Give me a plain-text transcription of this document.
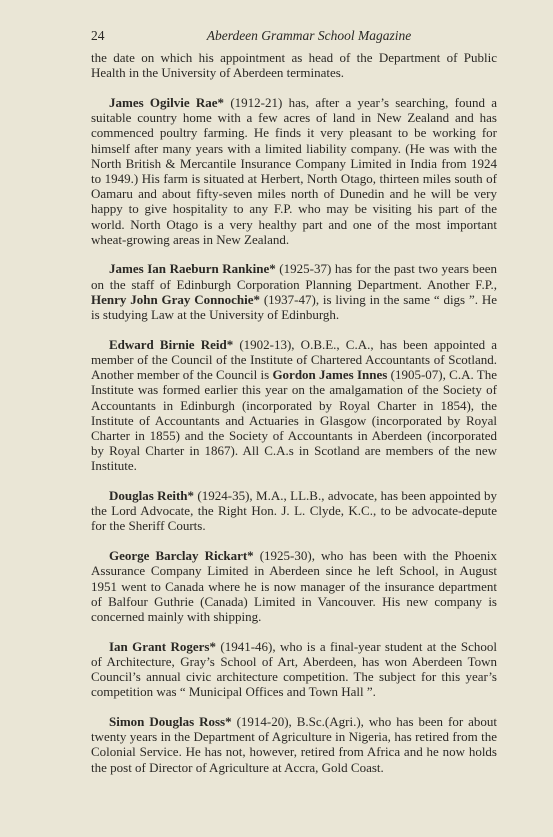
24	Aberdeen Grammar School Magazine

the date on which his appointment as head of the Department of Public Health in the University of Aberdeen terminates.

James Ogilvie Rae* (1912-21) has, after a year’s searching, found a suitable country home with a few acres of land in New Zealand and has commenced poultry farming. He finds it very pleasant to be working for himself after many years with a limited liability company. (He was with the North British & Mercantile Insurance Company Limited in India from 1924 to 1949.) His farm is situated at Herbert, North Otago, thirteen miles south of Oamaru and about fifty-seven miles north of Dunedin and he will be very happy to give hospitality to any F.P. who may be visiting his part of the world. North Otago is a very healthy part and one of the most important wheat-growing areas in New Zealand.

James Ian Raeburn Rankine* (1925-37) has for the past two years been on the staff of Edinburgh Corporation Planning Department. Another F.P., Henry John Gray Connochie* (1937-47), is living in the same “ digs ”. He is studying Law at the University of Edinburgh.

Edward Birnie Reid* (1902-13), O.B.E., C.A., has been appointed a member of the Council of the Institute of Chartered Accountants of Scotland. Another member of the Council is Gordon James Innes (1905-07), C.A. The Institute was formed earlier this year on the amalgamation of the Society of Accountants in Edinburgh (incorporated by Royal Charter in 1854), the Institute of Accountants and Actuaries in Glasgow (incorporated by Royal Charter in 1855) and the Society of Accountants in Aberdeen (incorporated by Royal Charter in 1867). All C.A.s in Scotland are members of the new Institute.

Douglas Reith* (1924-35), M.A., LL.B., advocate, has been appointed by the Lord Advocate, the Right Hon. J. L. Clyde, K.C., to be advocate-depute for the Sheriff Courts.

George Barclay Rickart* (1925-30), who has been with the Phoenix Assurance Company Limited in Aberdeen since he left School, in August 1951 went to Canada where he is now manager of the insurance department of Balfour Guthrie (Canada) Limited in Vancouver. His new company is concerned mainly with shipping.

Ian Grant Rogers* (1941-46), who is a final-year student at the School of Architecture, Gray’s School of Art, Aberdeen, has won Aberdeen Town Council’s annual civic architecture competition. The subject for this year’s competition was “ Municipal Offices and Town Hall ”.

Simon Douglas Ross* (1914-20), B.Sc.(Agri.), who has been for about twenty years in the Department of Agriculture in Nigeria, has retired from the Colonial Service. He has not, however, retired from Africa and he now holds the post of Director of Agriculture at Accra, Gold Coast.
